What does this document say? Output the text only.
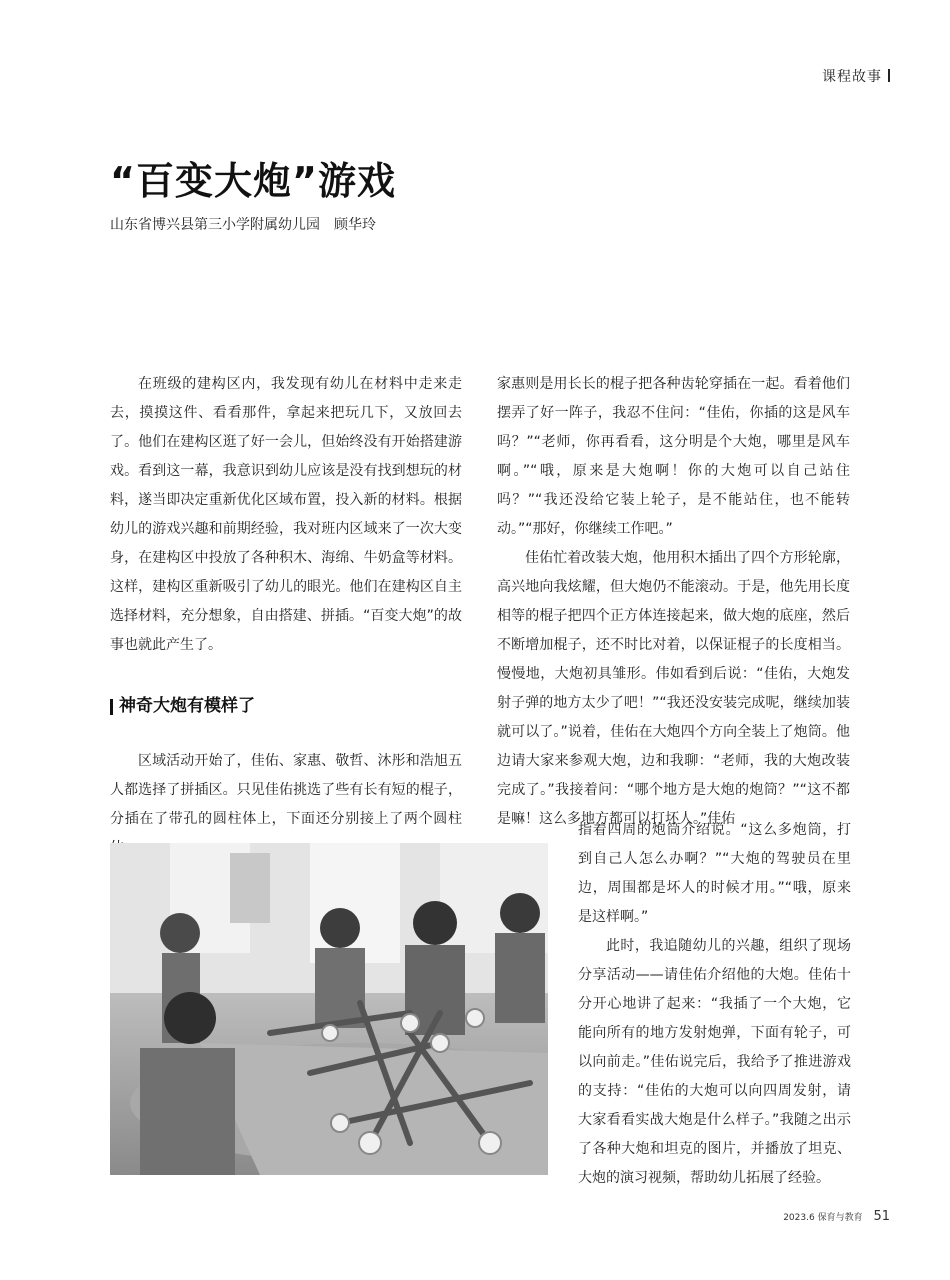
课程故事
“百变大炮”游戏
山东省博兴县第三小学附属幼儿园 顾华玲

在班级的建构区内，我发现有幼儿在材料中走来走去，摸摸这件、看看那件，拿起来把玩几下，又放回去了。他们在建构区逛了好一会儿，但始终没有开始搭建游戏。看到这一幕，我意识到幼儿应该是没有找到想玩的材料，遂当即决定重新优化区域布置，投入新的材料。根据幼儿的游戏兴趣和前期经验，我对班内区域来了一次大变身，在建构区中投放了各种积木、海绵、牛奶盒等材料。这样，建构区重新吸引了幼儿的眼光。他们在建构区自主选择材料，充分想象，自由搭建、拼插。“百变大炮”的故事也就此产生了。

神奇大炮有模样了

区域活动开始了，佳佑、家惠、敬哲、沐彤和浩旭五人都选择了拼插区。只见佳佑挑选了些有长有短的棍子，分插在了带孔的圆柱体上，下面还分别接上了两个圆柱

家惠则是用长长的棍子把各种齿轮穿插在一起。看着他们摆弄了好一阵子，我忍不住问：“佳佑，你插的这是风车吗？”“老师，你再看看，这分明是个大炮，哪里是风车啊。”“哦，原来是大炮啊！你的大炮可以自己站住吗？”“我还没给它装上轮子，是不能站住，也不能转动。”“那好，你继续工作吧。”

佳佑忙着改装大炮，他用积木插出了四个方形轮廓，高兴地向我炫耀，但大炮仍不能滚动。于是，他先用长度相等的棍子把四个正方体连接起来，做大炮的底座，然后不断增加棍子，还不时比对着，以保证棍子的长度相当。慢慢地，大炮初具雏形。伟如看到后说：“佳佑，大炮发射子弹的地方太少了吧！”“我还没安装完成呢，继续加装就可以了。”说着，佳佑在大炮四个方向全装上了炮筒。他边请大家来参观大炮，边和我聊：“老师，我的大炮改装完成了。”我接着问：“哪个地方是大炮的炮筒？”“这不都是嘛！这么多地方都可以打坏人。”佳佑

指着四周的炮筒介绍说。“这么多炮筒，打到自己人怎么办啊？”“大炮的驾驶员在里边，周围都是坏人的时候才用。”“哦，原来是这样啊。”

此时，我追随幼儿的兴趣，组织了现场分享活动——请佳佑介绍他的大炮。佳佑十分开心地讲了起来：“我插了一个大炮，它能向所有的地方发射炮弹，下面有轮子，可以向前走。”佳佑说完后，我给予了推进游戏的支持：“佳佑的大炮可以向四周发射，请大家看看实战大炮是什么样子。”我随之出示了各种大炮和坦克的图片，并播放了坦克、大炮的演习视频，帮助幼儿拓展了经验。

2023.6 保育与教育 51
